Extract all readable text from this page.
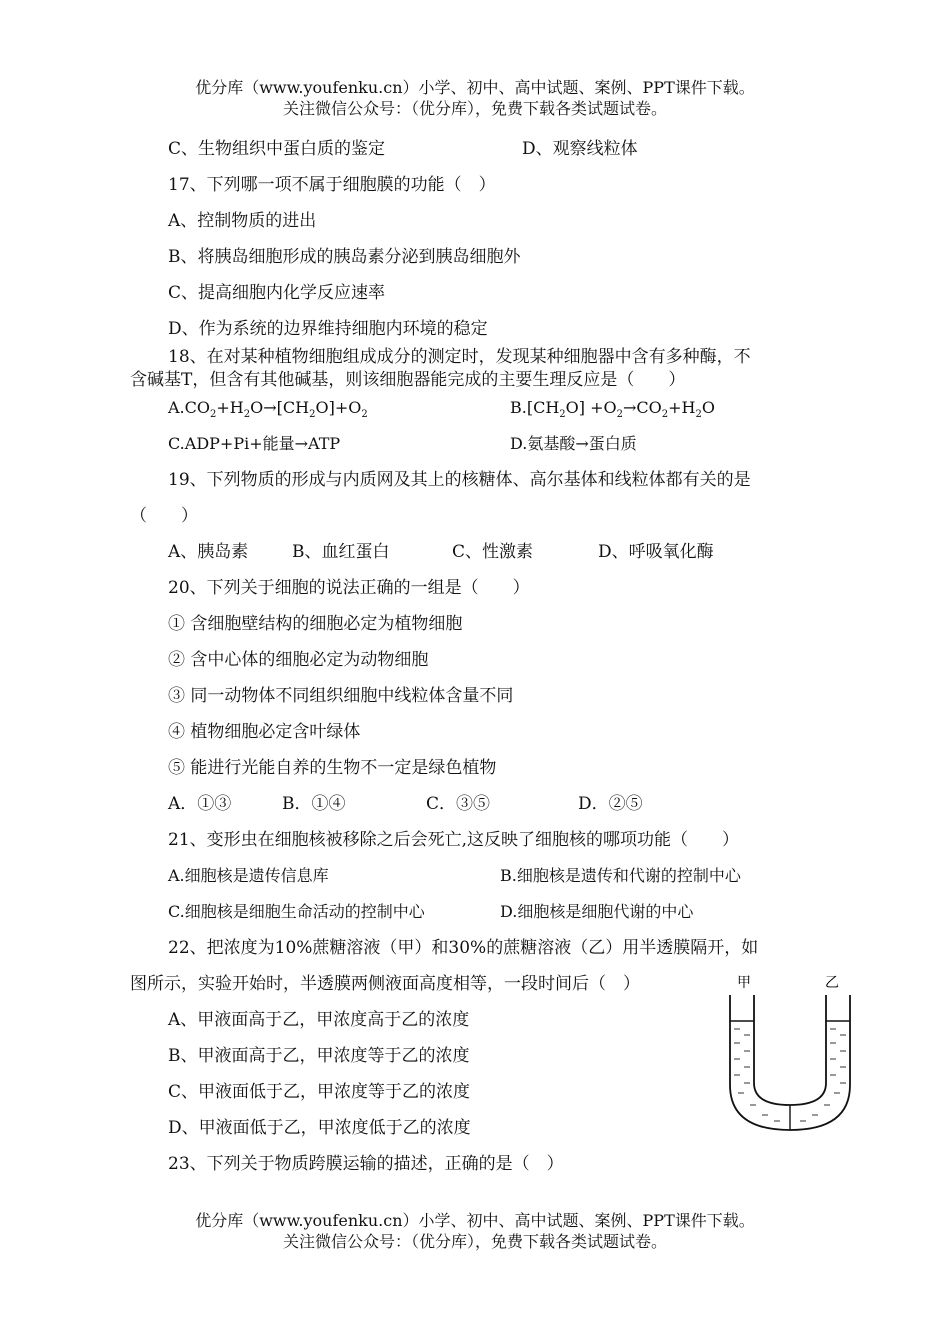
优分库（www.youfenku.cn）小学、初中、高中试题、案例、PPT课件下载。
关注微信公众号：（优分库），免费下载各类试题试卷。
C、生物组织中蛋白质的鉴定	D、观察线粒体
17、下列哪一项不属于细胞膜的功能（　）
A、控制物质的进出
B、将胰岛细胞形成的胰岛素分泌到胰岛细胞外
C、提高细胞内化学反应速率
D、作为系统的边界维持细胞内环境的稳定
18、在对某种植物细胞组成成分的测定时，发现某种细胞器中含有多种酶，不
含碱基T，但含有其他碱基，则该细胞器能完成的主要生理反应是（　　）
$A.CO_2+H_2O\to[CH_2O]+O_2$	$B.[CH_2O] +O_2\to CO_2+H_2O$
C.ADP+Pi+能量→ATP	D.氨基酸→蛋白质
19、下列物质的形成与内质网及其上的核糖体、高尔基体和线粒体都有关的是
（　　）
A、胰岛素	B、血红蛋白	C、性激素	D、呼吸氧化酶
20、下列关于细胞的说法正确的一组是（　　）
① 含细胞壁结构的细胞必定为植物细胞
② 含中心体的细胞必定为动物细胞
③ 同一动物体不同组织细胞中线粒体含量不同
④ 植物细胞必定含叶绿体
⑤ 能进行光能自养的生物不一定是绿色植物
A．①③	B．①④	C．③⑤	D．②⑤
21、变形虫在细胞核被移除之后会死亡,这反映了细胞核的哪项功能（　　）
A.细胞核是遗传信息库	B.细胞核是遗传和代谢的控制中心
C.细胞核是细胞生命活动的控制中心	D.细胞核是细胞代谢的中心
22、把浓度为10%蔗糖溶液（甲）和30%的蔗糖溶液（乙）用半透膜隔开，如
图所示，实验开始时，半透膜两侧液面高度相等，一段时间后（　）
A、甲液面高于乙，甲浓度高于乙的浓度
B、甲液面高于乙，甲浓度等于乙的浓度
C、甲液面低于乙，甲浓度等于乙的浓度
D、甲液面低于乙，甲浓度低于乙的浓度
甲	乙
23、下列关于物质跨膜运输的描述，正确的是（　）
优分库（www.youfenku.cn）小学、初中、高中试题、案例、PPT课件下载。
关注微信公众号：（优分库），免费下载各类试题试卷。
